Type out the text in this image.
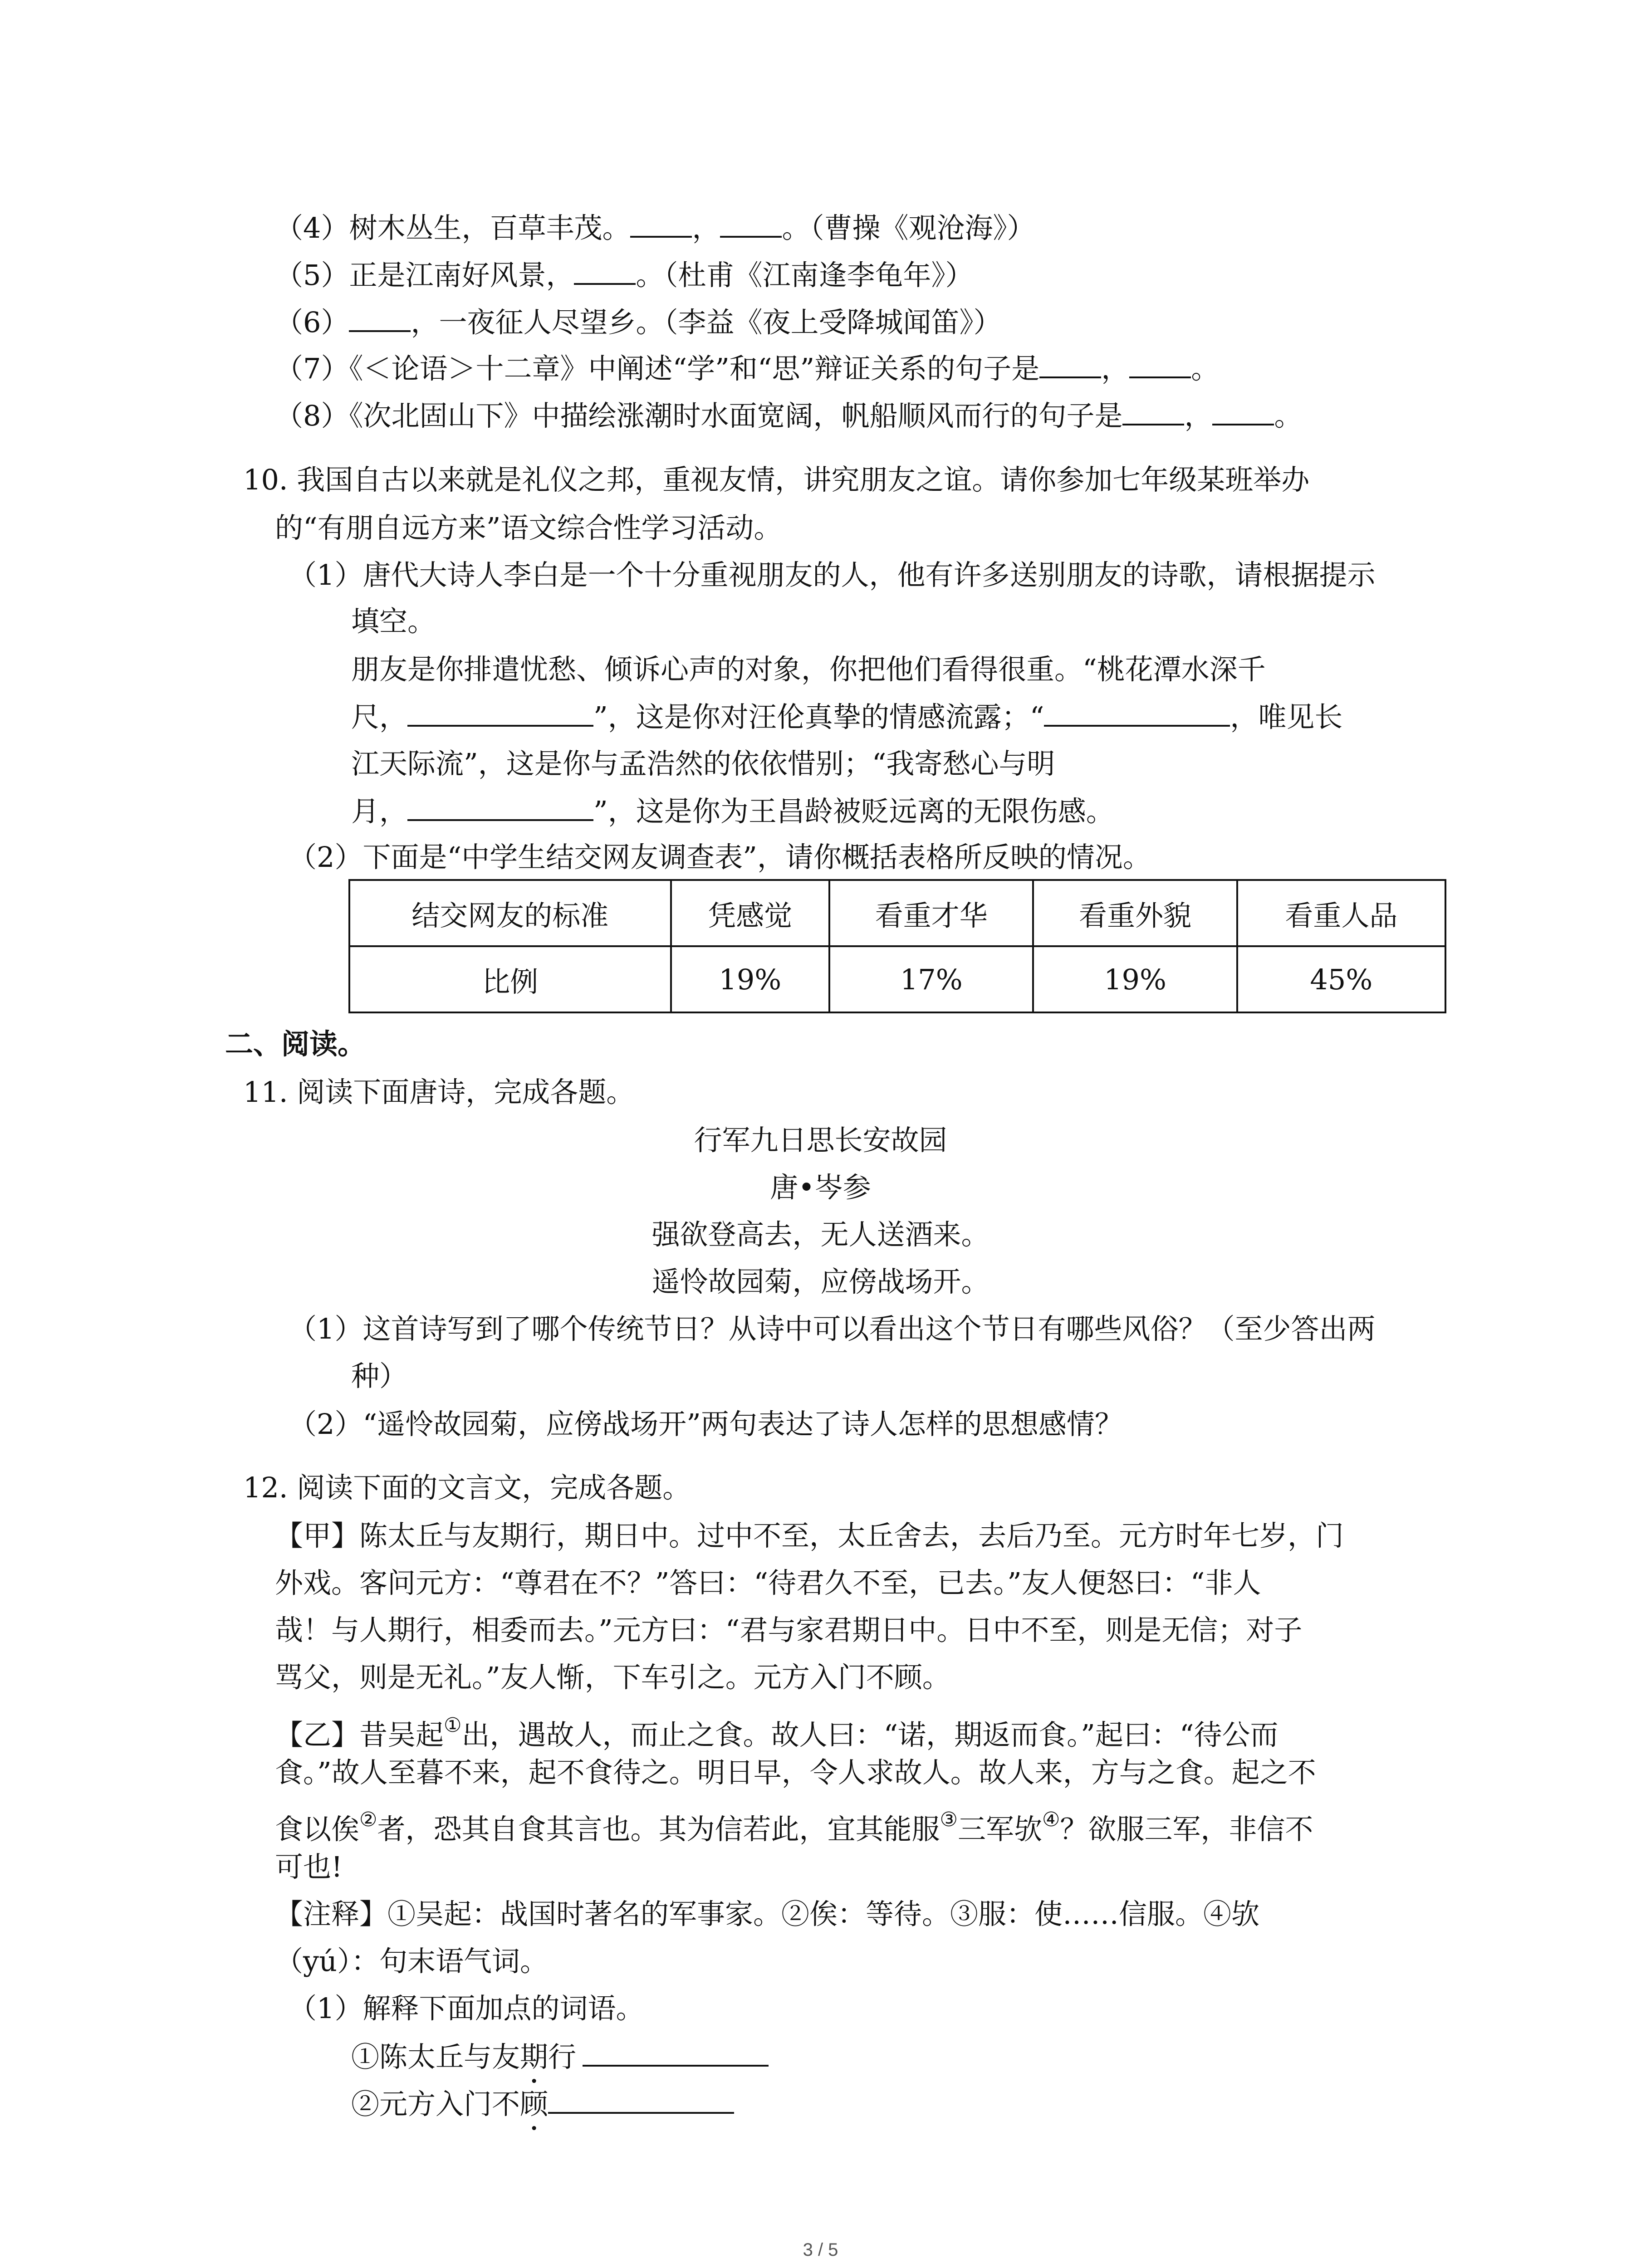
（4）树木丛生，百草丰茂。 ， 。（曹操《观沧海》）
（5）正是江南好风景， 。（杜甫《江南逢李龟年》）
（6） ，一夜征人尽望乡。（李益《夜上受降城闻笛》）
（7）《＜论语＞十二章》中阐述“学”和“思”辩证关系的句子是 ， 。
（8）《次北固山下》中描绘涨潮时水面宽阔，帆船顺风而行的句子是 ， 。
10. 我国自古以来就是礼仪之邦，重视友情，讲究朋友之谊。请你参加七年级某班举办
的“有朋自远方来”语文综合性学习活动。
（1）唐代大诗人李白是一个十分重视朋友的人，他有许多送别朋友的诗歌，请根据提示
填空。
朋友是你排遣忧愁、倾诉心声的对象，你把他们看得很重。“桃花潭水深千
尺，	”，这是你对汪伦真挚的情感流露；“	，唯见长
江天际流”，这是你与孟浩然的依依惜别；“我寄愁心与明
月，	”，这是你为王昌龄被贬远离的无限伤感。
（2）下面是“中学生结交网友调查表”，请你概括表格所反映的情况。
结交网友的标准	凭感觉	看重才华	看重外貌	看重人品
比例	19%	17%	19%	45%
二、阅读。
11. 阅读下面唐诗，完成各题。
行军九日思长安故园
唐•岑参
强欲登高去，无人送酒来。
遥怜故园菊，应傍战场开。
（1）这首诗写到了哪个传统节日？从诗中可以看出这个节日有哪些风俗？（至少答出两
种）
（2）“遥怜故园菊，应傍战场开”两句表达了诗人怎样的思想感情？
12. 阅读下面的文言文，完成各题。
【甲】陈太丘与友期行，期日中。过中不至，太丘舍去，去后乃至。元方时年七岁，门
外戏。客问元方：“尊君在不？”答曰：“待君久不至，已去。”友人便怒曰：“非人
哉！与人期行，相委而去。”元方曰：“君与家君期日中。日中不至，则是无信；对子
骂父，则是无礼。”友人惭，下车引之。元方入门不顾。
【乙】昔吴起①出，遇故人，而止之食。故人曰：“诺，期返而食。”起曰：“待公而
食。”故人至暮不来，起不食待之。明日早，令人求故人。故人来，方与之食。起之不
食以俟②者，恐其自食其言也。其为信若此，宜其能服③三军欤④？欲服三军，非信不
可也!
【注释】①吴起：战国时著名的军事家。②俟：等待。③服：使……信服。④欤
（yú）：句末语气词。
（1）解释下面加点的词语。
①陈太丘与友期行
②元方入门不顾
3 / 5
